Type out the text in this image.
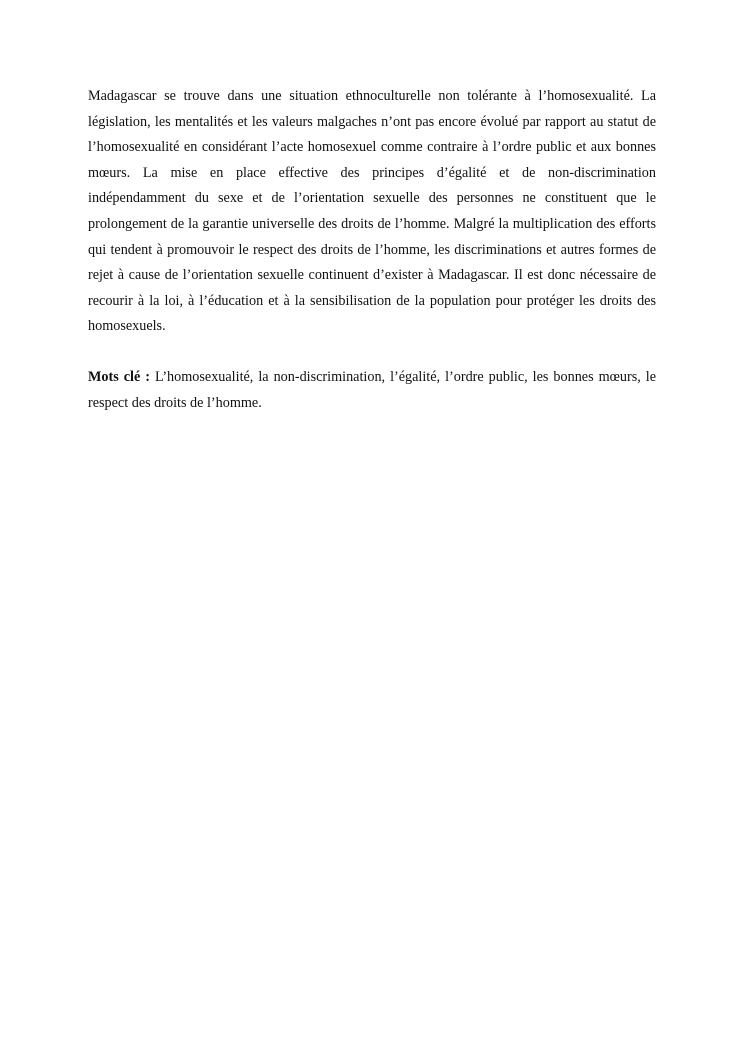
Madagascar se trouve dans une situation ethnoculturelle non tolérante à l’homosexualité. La législation, les mentalités et les valeurs malgaches n’ont pas encore évolué par rapport au statut de l’homosexualité en considérant l’acte homosexuel comme contraire à l’ordre public et aux bonnes mœurs. La mise en place effective des principes d’égalité et de non-discrimination indépendamment du sexe et de l’orientation sexuelle des personnes ne constituent que le prolongement de la garantie universelle des droits de l’homme. Malgré la multiplication des efforts qui tendent à promouvoir le respect des droits de l’homme, les discriminations et autres formes de rejet à cause de l’orientation sexuelle continuent d’exister à Madagascar. Il est donc nécessaire de recourir à la loi, à l’éducation et à la sensibilisation de la population pour protéger les droits des homosexuels.

Mots clé : L’homosexualité, la non-discrimination, l’égalité, l’ordre public, les bonnes mœurs, le respect des droits de l’homme.
